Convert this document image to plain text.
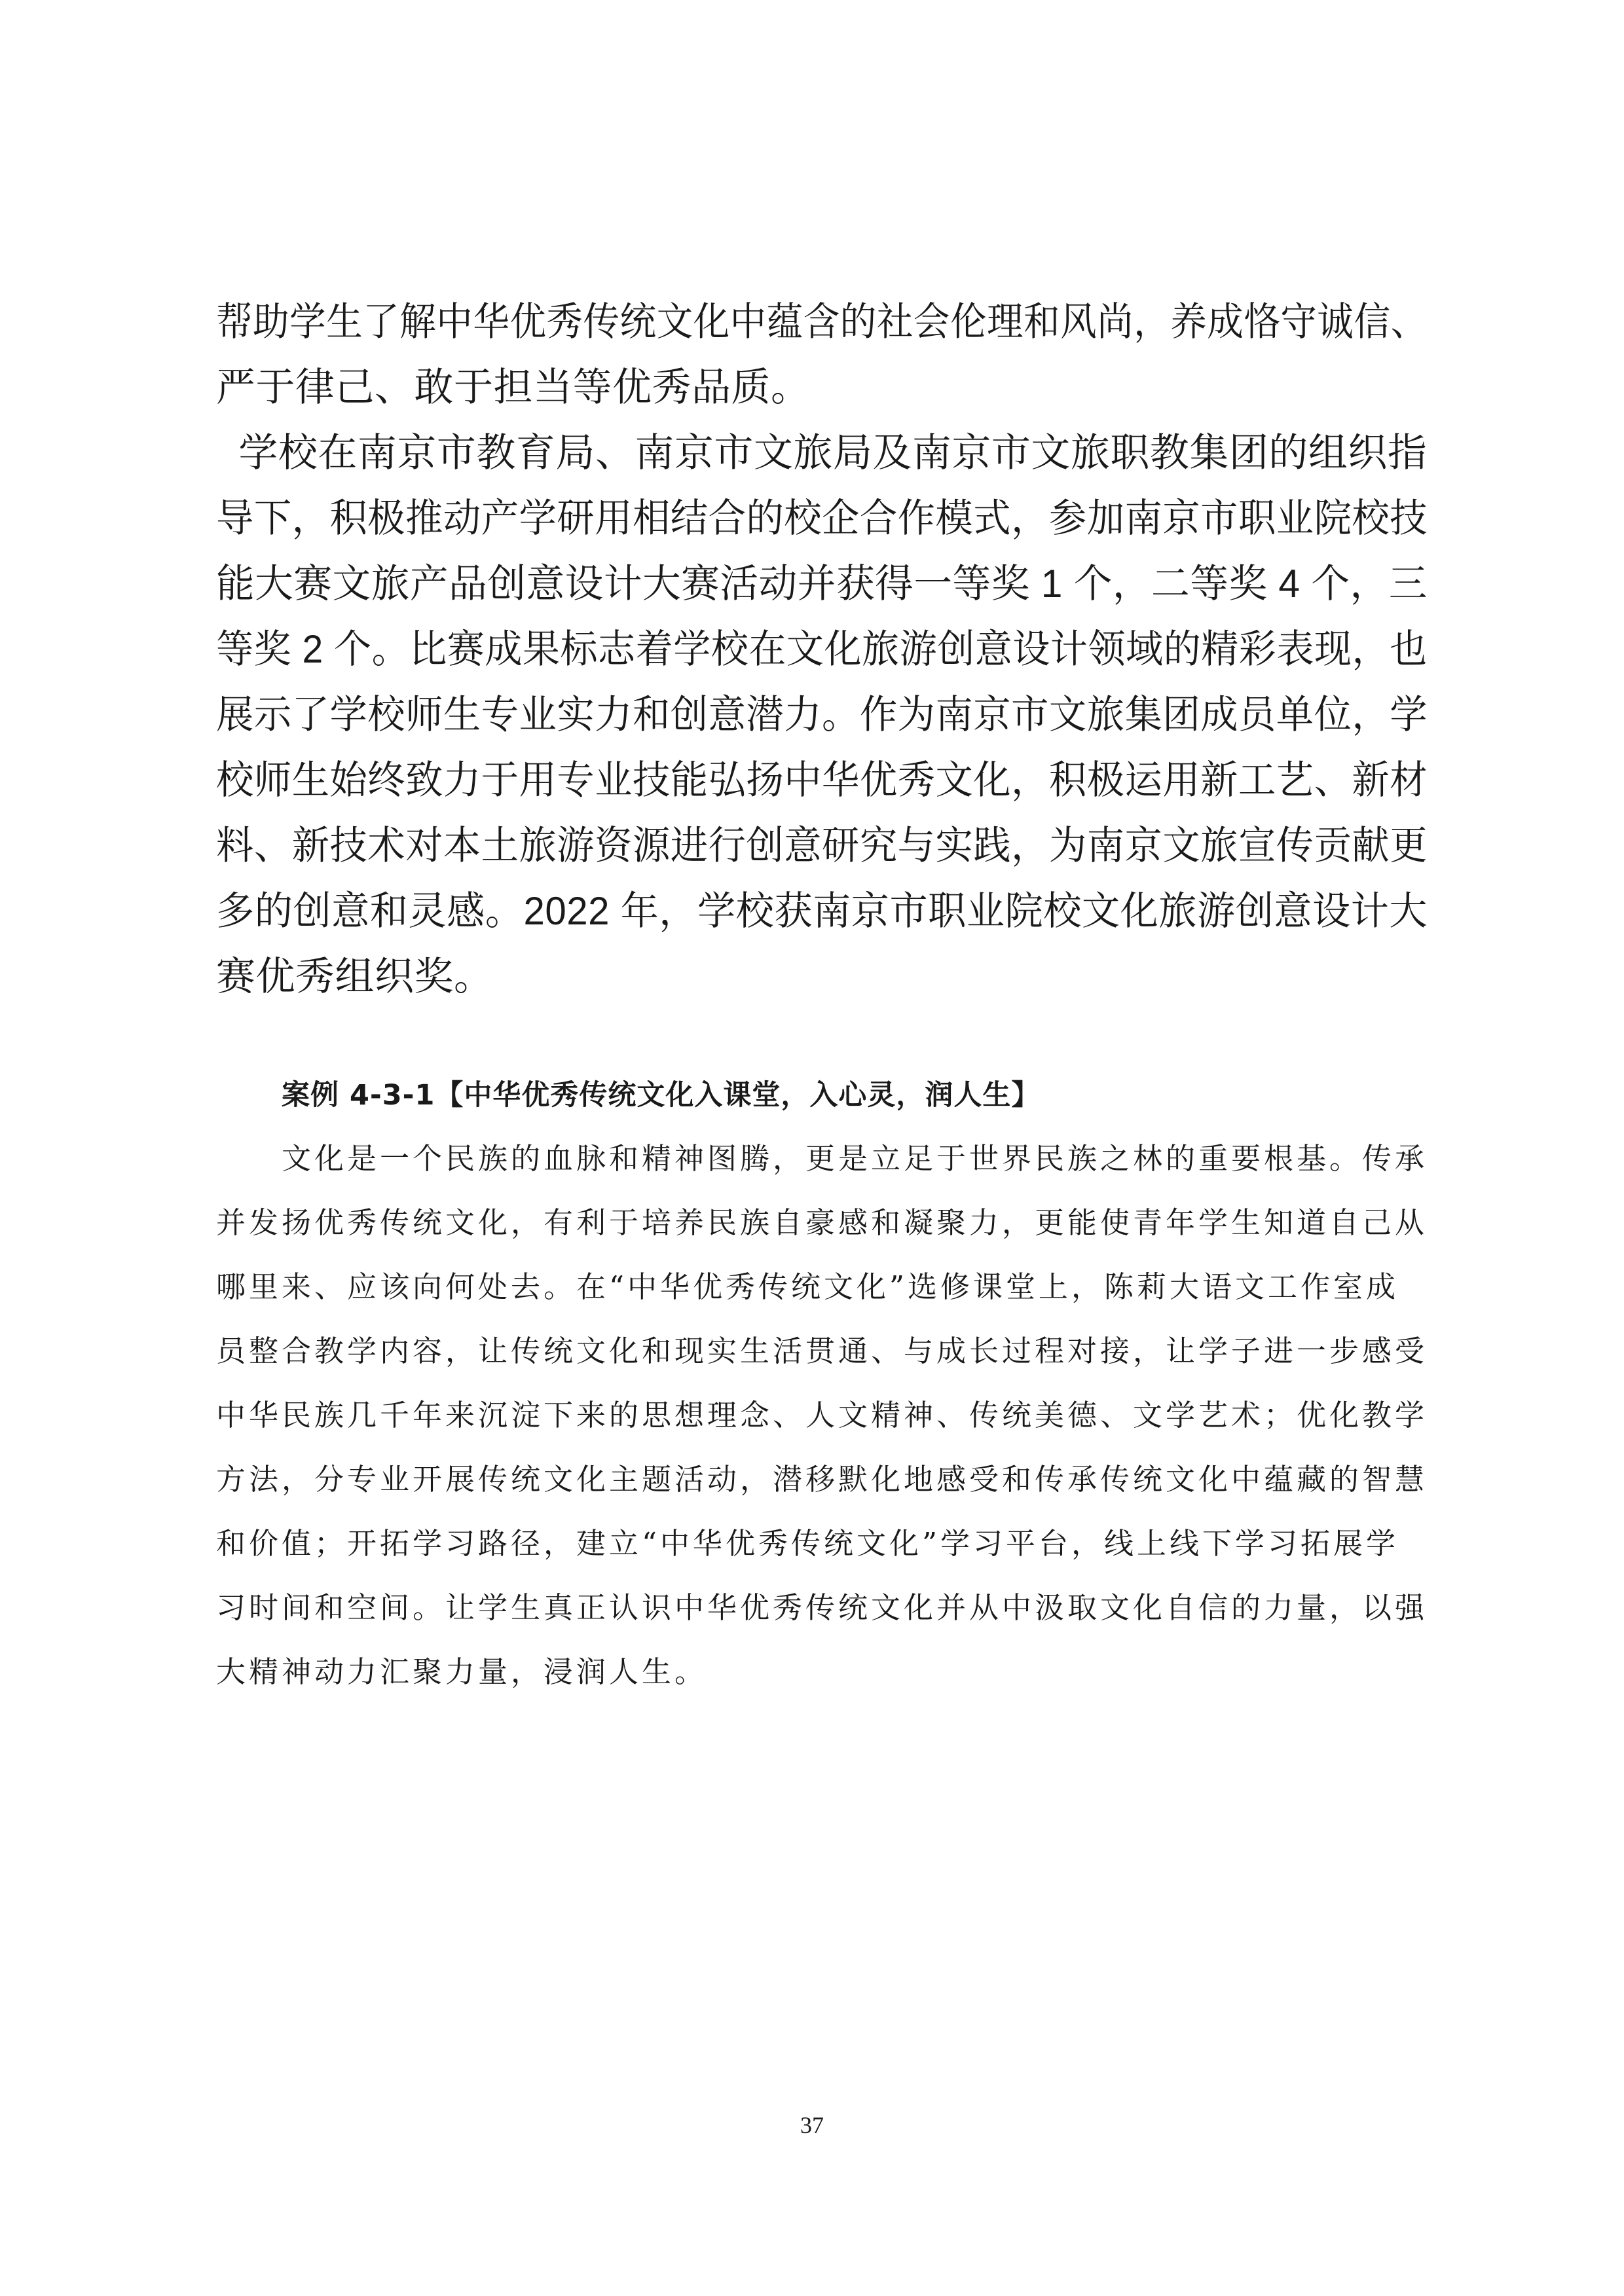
帮助学生了解中华优秀传统文化中蕴含的社会伦理和风尚，养成恪守诚信、
严于律己、敢于担当等优秀品质。
学校在南京市教育局、南京市文旅局及南京市文旅职教集团的组织指
导下，积极推动产学研用相结合的校企合作模式，参加南京市职业院校技
能大赛文旅产品创意设计大赛活动并获得一等奖 1 个，二等奖 4 个，三
等奖 2 个。比赛成果标志着学校在文化旅游创意设计领域的精彩表现，也
展示了学校师生专业实力和创意潜力。作为南京市文旅集团成员单位，学
校师生始终致力于用专业技能弘扬中华优秀文化，积极运用新工艺、新材
料、新技术对本土旅游资源进行创意研究与实践，为南京文旅宣传贡献更
多的创意和灵感。2022 年，学校获南京市职业院校文化旅游创意设计大
赛优秀组织奖。
案例 4-3-1【中华优秀传统文化入课堂，入心灵，润人生】
文化是一个民族的血脉和精神图腾，更是立足于世界民族之林的重要根基。传承
并发扬优秀传统文化，有利于培养民族自豪感和凝聚力，更能使青年学生知道自己从
哪里来、应该向何处去。在“中华优秀传统文化”选修课堂上，陈莉大语文工作室成
员整合教学内容，让传统文化和现实生活贯通、与成长过程对接，让学子进一步感受
中华民族几千年来沉淀下来的思想理念、人文精神、传统美德、文学艺术；优化教学
方法，分专业开展传统文化主题活动，潜移默化地感受和传承传统文化中蕴藏的智慧
和价值；开拓学习路径，建立“中华优秀传统文化”学习平台，线上线下学习拓展学
习时间和空间。让学生真正认识中华优秀传统文化并从中汲取文化自信的力量，以强
大精神动力汇聚力量，浸润人生。
37
